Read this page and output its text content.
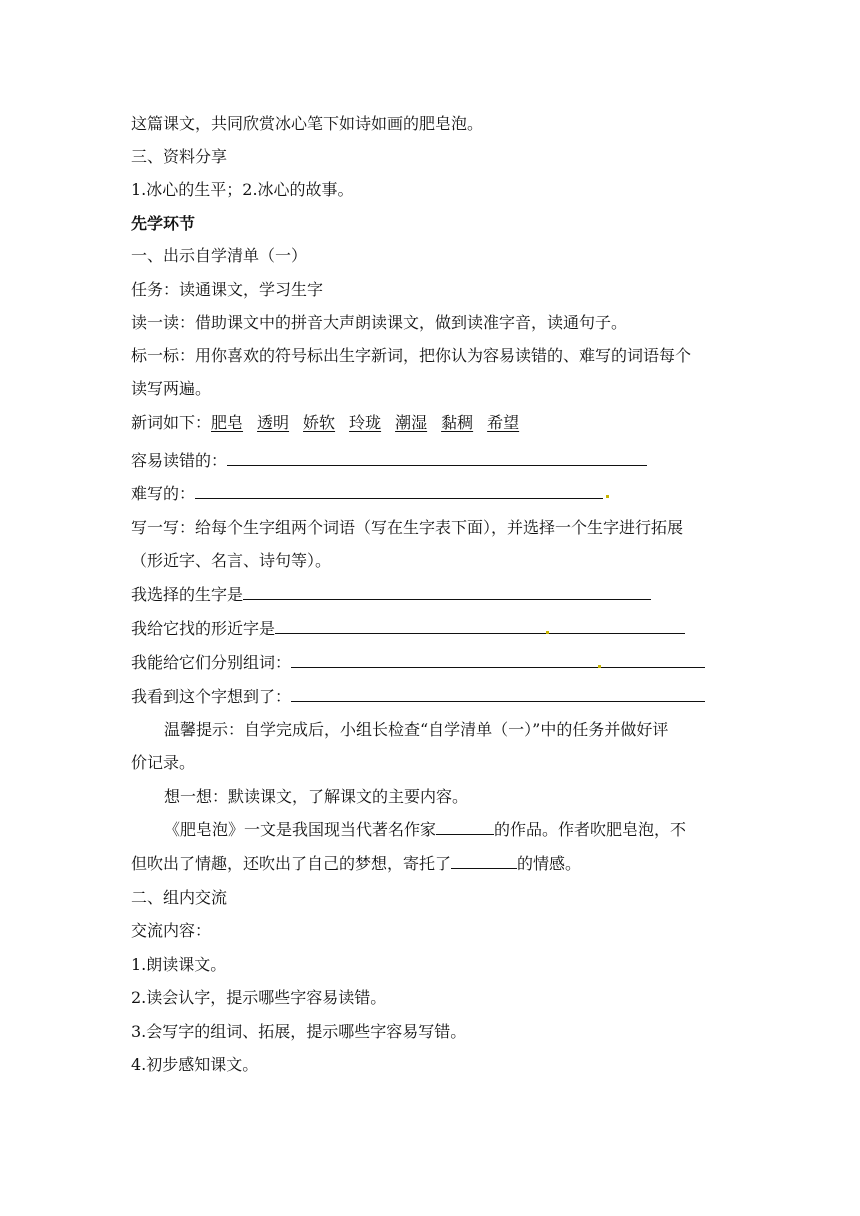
这篇课文，共同欣赏冰心笔下如诗如画的肥皂泡。
三、资料分享
1.冰心的生平；2.冰心的故事。
先学环节
一、出示自学清单（一）
任务：读通课文，学习生字
读一读：借助课文中的拼音大声朗读课文，做到读准字音，读通句子。
标一标：用你喜欢的符号标出生字新词，把你认为容易读错的、难写的词语每个
读写两遍。
新词如下：肥皂 透明 娇软 玲珑 潮湿 黏稠 希望
容易读错的：
难写的：
写一写：给每个生字组两个词语（写在生字表下面），并选择一个生字进行拓展
（形近字、名言、诗句等）。
我选择的生字是
我给它找的形近字是
我能给它们分别组词：
我看到这个字想到了：
温馨提示：自学完成后，小组长检查“自学清单（一）”中的任务并做好评
价记录。
想一想：默读课文，了解课文的主要内容。
《肥皂泡》一文是我国现当代著名作家	的作品。作者吹肥皂泡，不
但吹出了情趣，还吹出了自己的梦想，寄托了	的情感。
二、组内交流
交流内容：
1.朗读课文。
2.读会认字，提示哪些字容易读错。
3.会写字的组词、拓展，提示哪些字容易写错。
4.初步感知课文。
